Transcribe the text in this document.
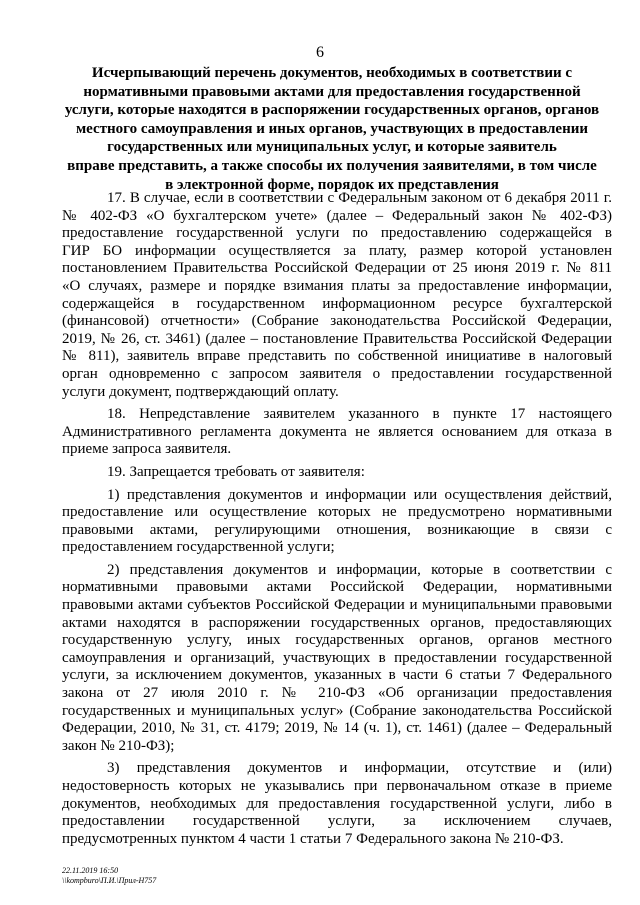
6
Исчерпывающий перечень документов, необходимых в соответствии с
нормативными правовыми актами для предоставления государственной
услуги, которые находятся в распоряжении государственных органов, органов
местного самоуправления и иных органов, участвующих в предоставлении
государственных или муниципальных услуг, и которые заявитель
вправе представить, а также способы их получения заявителями, в том числе
в электронной форме, порядок их представления
17. В случае, если в соответствии с Федеральным законом от 6 декабря 2011 г.
№ 402-ФЗ «О бухгалтерском учете» (далее – Федеральный закон № 402-ФЗ)
предоставление государственной услуги по предоставлению содержащейся в
ГИР БО информации осуществляется за плату, размер которой установлен
постановлением Правительства Российской Федерации от 25 июня 2019 г. № 811
«О случаях, размере и порядке взимания платы за предоставление информации,
содержащейся в государственном информационном ресурсе бухгалтерской
(финансовой) отчетности» (Собрание законодательства Российской Федерации,
2019, № 26, ст. 3461) (далее – постановление Правительства Российской Федерации
№ 811), заявитель вправе представить по собственной инициативе в налоговый
орган одновременно с запросом заявителя о предоставлении государственной
услуги документ, подтверждающий оплату.
18. Непредставление заявителем указанного в пункте 17 настоящего
Административного регламента документа не является основанием для отказа в
приеме запроса заявителя.
19. Запрещается требовать от заявителя:
1) представления документов и информации или осуществления действий,
предоставление или осуществление которых не предусмотрено нормативными
правовыми актами, регулирующими отношения, возникающие в связи с
предоставлением государственной услуги;
2) представления документов и информации, которые в соответствии с
нормативными правовыми актами Российской Федерации, нормативными
правовыми актами субъектов Российской Федерации и муниципальными правовыми
актами находятся в распоряжении государственных органов, предоставляющих
государственную услугу, иных государственных органов, органов местного
самоуправления и организаций, участвующих в предоставлении государственной
услуги, за исключением документов, указанных в части 6 статьи 7 Федерального
закона от 27 июля 2010 г. № 210-ФЗ «Об организации предоставления
государственных и муниципальных услуг» (Собрание законодательства Российской
Федерации, 2010, № 31, ст. 4179; 2019, № 14 (ч. 1), ст. 1461) (далее – Федеральный
закон № 210-ФЗ);
3) представления документов и информации, отсутствие и (или)
недостоверность которых не указывались при первоначальном отказе в приеме
документов, необходимых для предоставления государственной услуги, либо в
предоставлении государственной услуги, за исключением случаев,
предусмотренных пунктом 4 части 1 статьи 7 Федерального закона № 210-ФЗ.
22.11.2019 16:50
\\kompburo\П.И.\Прил-Н757
